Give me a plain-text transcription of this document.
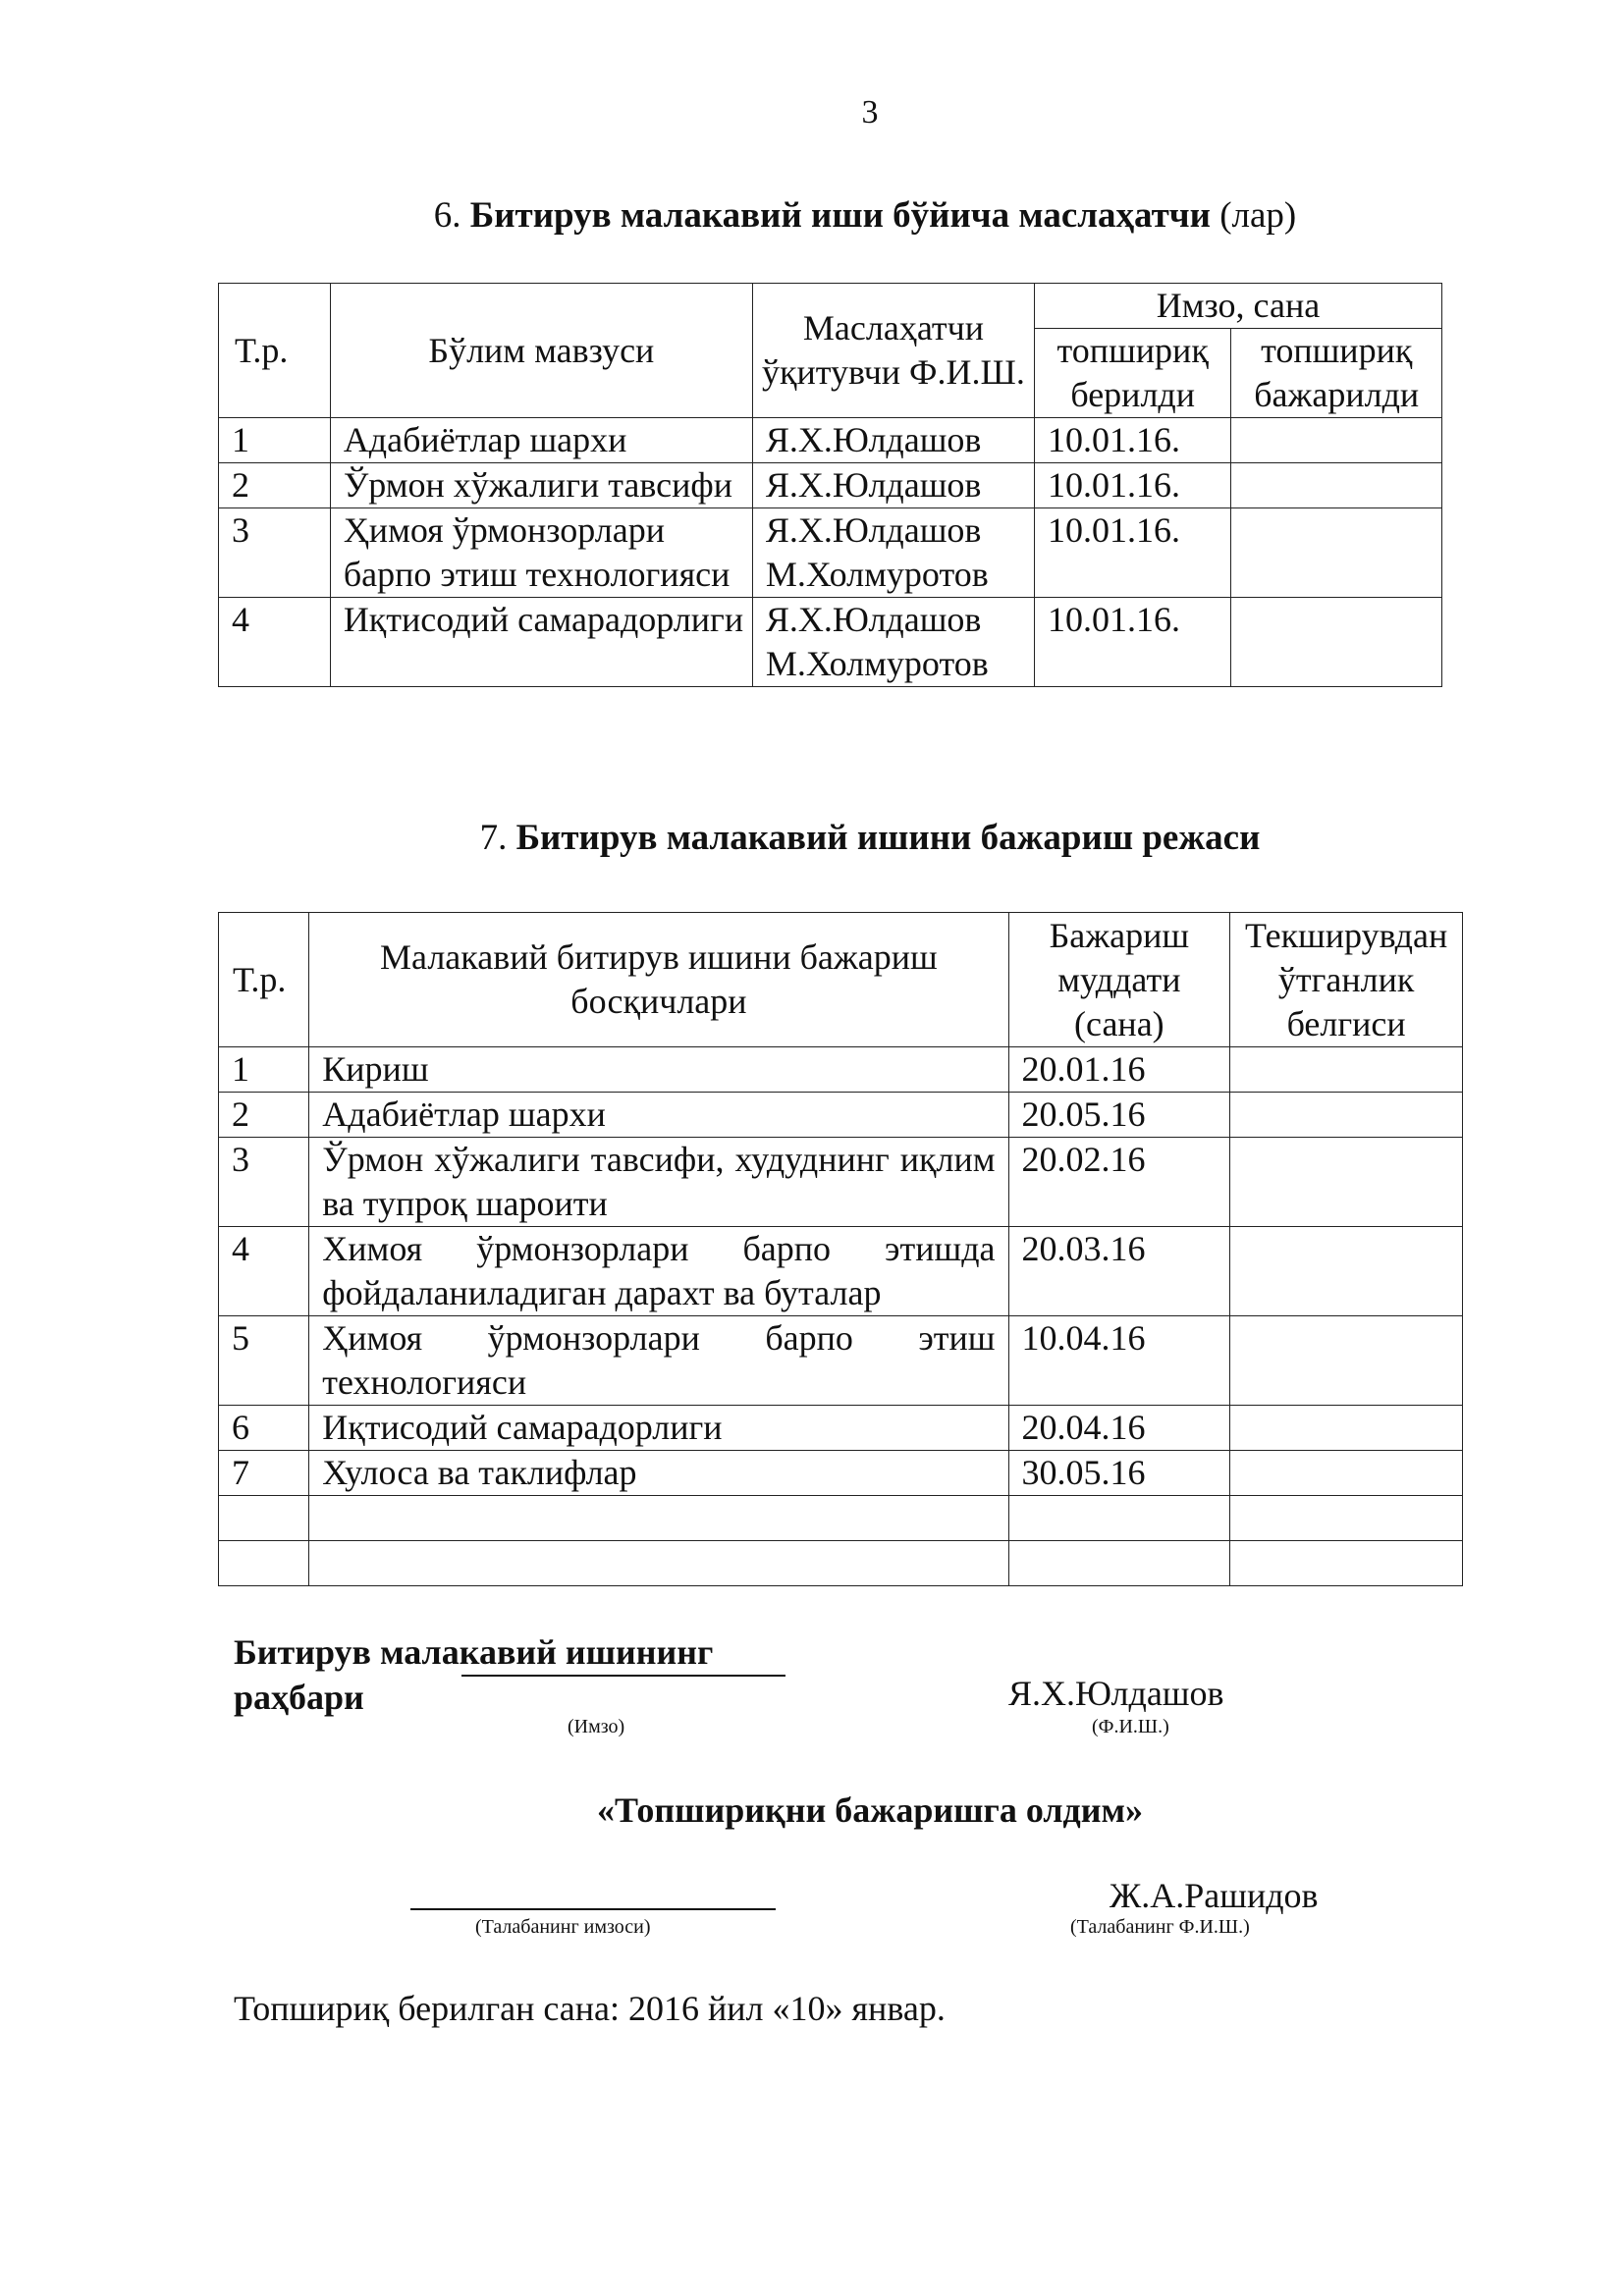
3
6. Битирув малакавий иши бўйича маслаҳатчи (лар)
Т.р.	Бўлим мавзуси	Маслаҳатчи ўқитувчи Ф.И.Ш.	Имзо, сана	
			топшириқ берилди	топшириқ бажарилди
1	Адабиётлар шархи	Я.Х.Юлдашов	10.01.16.	
2	Ўрмон хўжалиги тавсифи	Я.Х.Юлдашов	10.01.16.	
3	Ҳимоя ўрмонзорлари барпо этиш технологияси	Я.Х.Юлдашов М.Холмуротов	10.01.16.	
4	Иқтисодий самарадорлиги	Я.Х.Юлдашов М.Холмуротов	10.01.16.	
7. Битирув малакавий ишини бажариш режаси
Т.р.	Малакавий битирув ишини бажариш босқичлари	Бажариш муддати (сана)	Текширувдан ўтганлик белгиси
1	Кириш	20.01.16	
2	Адабиётлар шархи	20.05.16	
3	Ўрмон хўжалиги тавсифи, худуднинг иқлим ва тупроқ шароити	20.02.16	
4	Химоя ўрмонзорлари барпо этишда фойдаланиладиган дарахт ва буталар	20.03.16	
5	Ҳимоя ўрмонзорлари барпо этиш технологияси	10.04.16	
6	Иқтисодий самарадорлиги	20.04.16	
7	Хулоса ва таклифлар	30.05.16	

Битирув малакавий ишининг
раҳбари
(Имзо)
Я.Х.Юлдашов
(Ф.И.Ш.)
«Топшириқни бажаришга олдим»
(Талабанинг имзоси)
Ж.А.Рашидов
(Талабанинг Ф.И.Ш.)
Топшириқ берилган сана: 2016 йил «10» январ.
